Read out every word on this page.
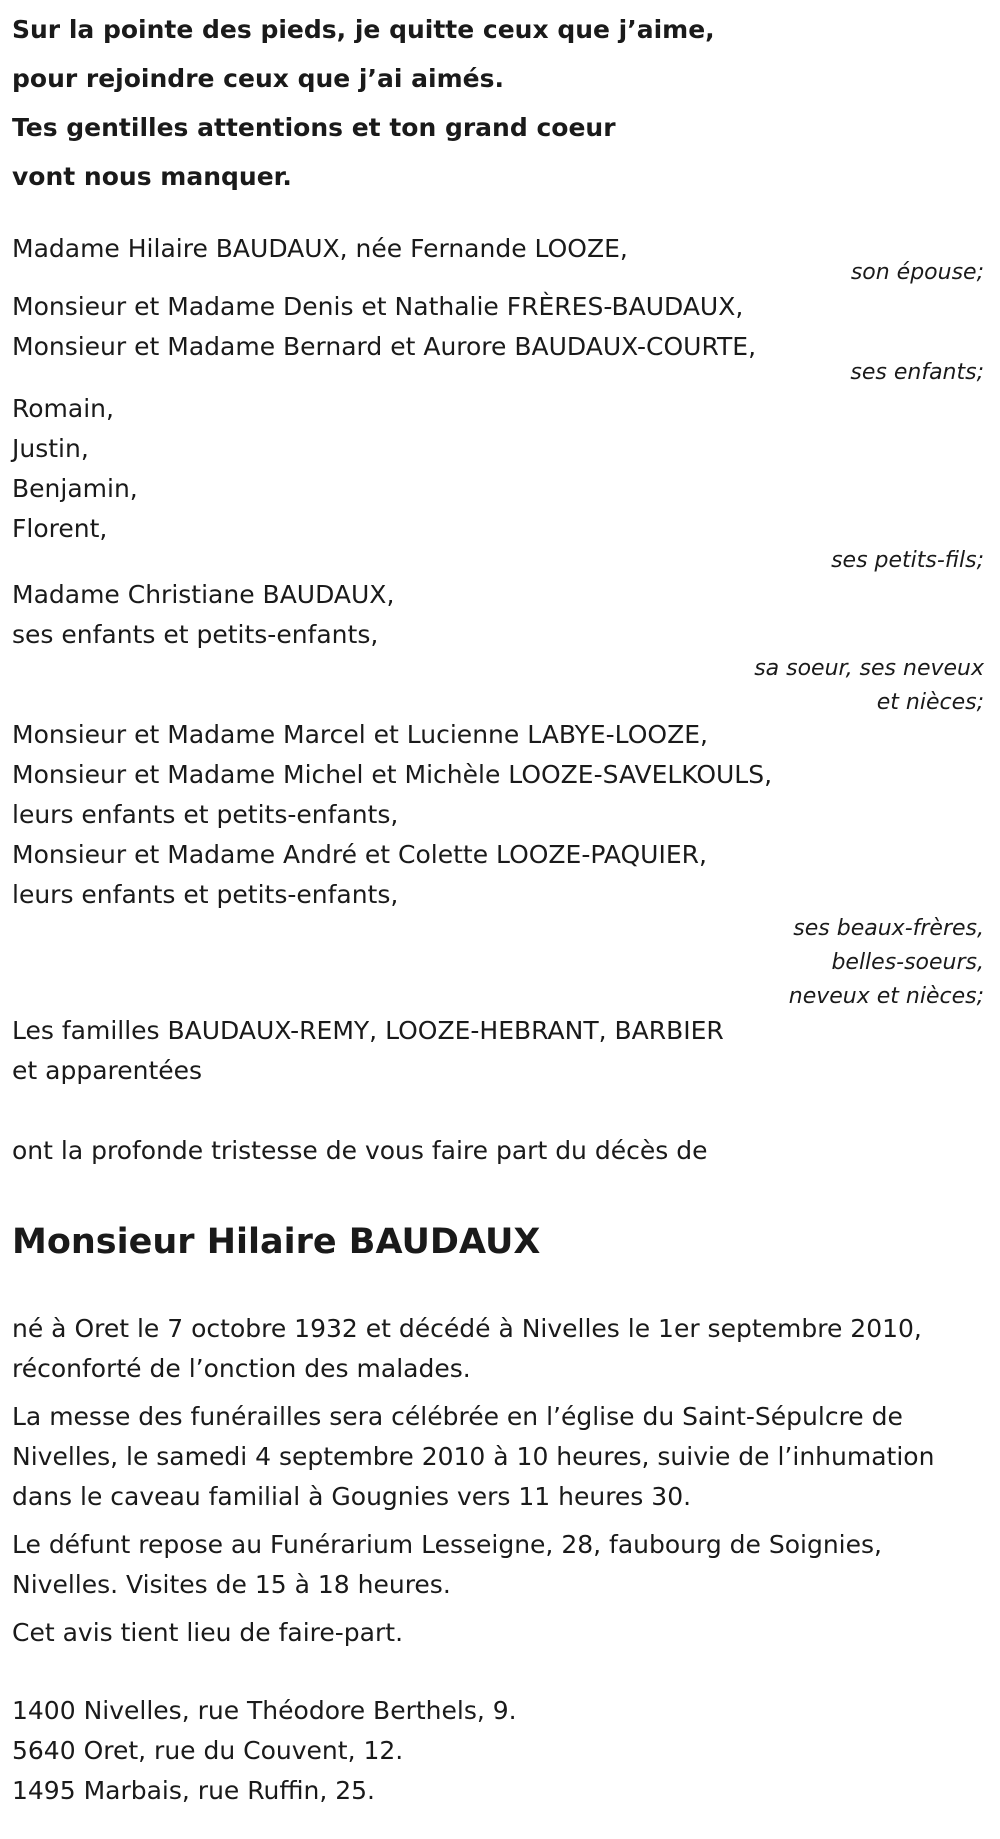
Sur la pointe des pieds, je quitte ceux que j’aime,
pour rejoindre ceux que j’ai aimés.
Tes gentilles attentions et ton grand coeur
vont nous manquer.
Madame Hilaire BAUDAUX, née Fernande LOOZE,
son épouse;
Monsieur et Madame Denis et Nathalie FRÈRES-BAUDAUX,
Monsieur et Madame Bernard et Aurore BAUDAUX-COURTE,
ses enfants;
Romain,
Justin,
Benjamin,
Florent,
ses petits-fils;
Madame Christiane BAUDAUX,
ses enfants et petits-enfants,
sa soeur, ses neveux
et nièces;
Monsieur et Madame Marcel et Lucienne LABYE-LOOZE,
Monsieur et Madame Michel et Michèle LOOZE-SAVELKOULS,
leurs enfants et petits-enfants,
Monsieur et Madame André et Colette LOOZE-PAQUIER,
leurs enfants et petits-enfants,
ses beaux-frères,
belles-soeurs,
neveux et nièces;
Les familles BAUDAUX-REMY, LOOZE-HEBRANT, BARBIER
et apparentées
ont la profonde tristesse de vous faire part du décès de
Monsieur Hilaire BAUDAUX
né à Oret le 7 octobre 1932 et décédé à Nivelles le 1er septembre 2010,
réconforté de l’onction des malades.
La messe des funérailles sera célébrée en l’église du Saint-Sépulcre de
Nivelles, le samedi 4 septembre 2010 à 10 heures, suivie de l’inhumation
dans le caveau familial à Gougnies vers 11 heures 30.
Le défunt repose au Funérarium Lesseigne, 28, faubourg de Soignies,
Nivelles. Visites de 15 à 18 heures.
Cet avis tient lieu de faire-part.
1400 Nivelles, rue Théodore Berthels, 9.
5640 Oret, rue du Couvent, 12.
1495 Marbais, rue Ruffin, 25.
